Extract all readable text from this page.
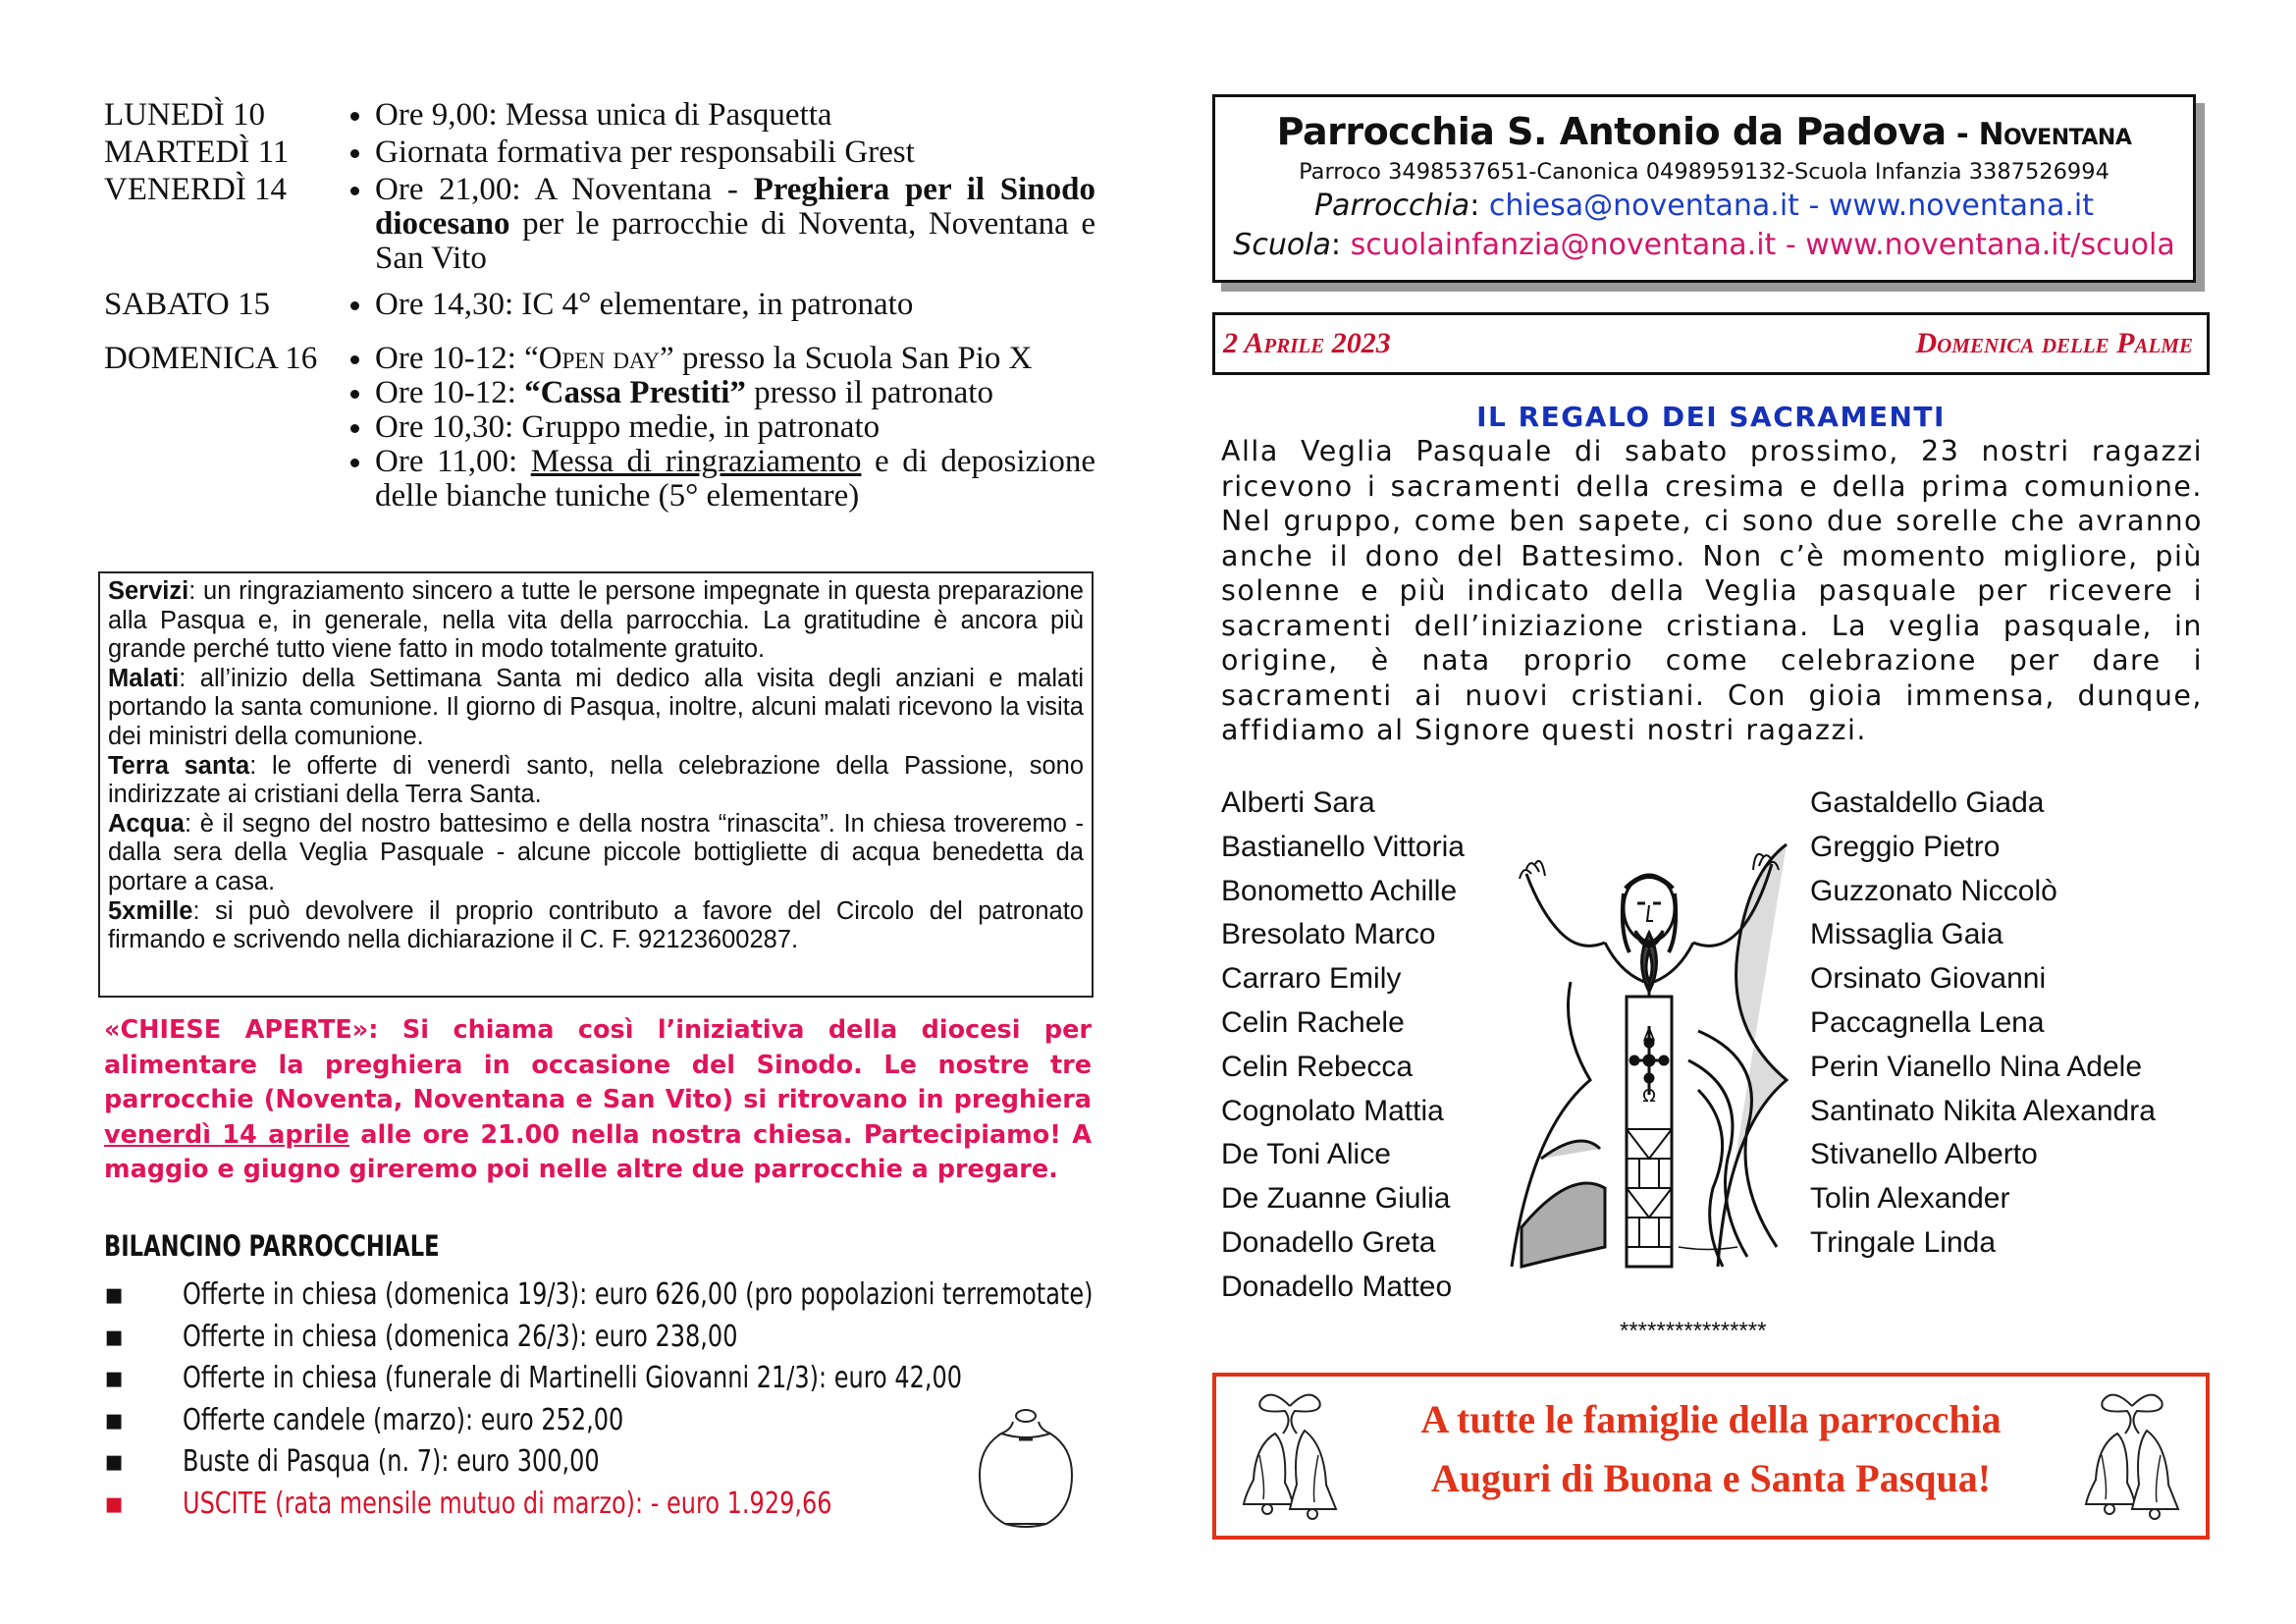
LUNEDÌ 10	• Ore 9,00: Messa unica di Pasquetta
MARTEDÌ 11	• Giornata formativa per responsabili Grest
VENERDÌ 14	• Ore 21,00: A Noventana - Preghiera per il Sinodo diocesano per le parrocchie di Noventa, Noventana e San Vito
SABATO 15	• Ore 14,30: IC 4° elementare, in patronato
DOMENICA 16	• Ore 10-12: “Open day” presso la Scuola San Pio X
• Ore 10-12: “Cassa Prestiti” presso il patronato
• Ore 10,30: Gruppo medie, in patronato
• Ore 11,00: Messa di ringraziamento e di deposizione delle bianche tuniche (5° elementare)

Servizi: un ringraziamento sincero a tutte le persone impegnate in questa preparazione alla Pasqua e, in generale, nella vita della parrocchia. La gratitudine è ancora più grande perché tutto viene fatto in modo totalmente gratuito.

Malati: all’inizio della Settimana Santa mi dedico alla visita degli anziani e malati portando la santa comunione. Il giorno di Pasqua, inoltre, alcuni malati ricevono la visita dei ministri della comunione.

Terra santa: le offerte di venerdì santo, nella celebrazione della Passione, sono indirizzate ai cristiani della Terra Santa.

Acqua: è il segno del nostro battesimo e della nostra “rinascita”. In chiesa troveremo - dalla sera della Veglia Pasquale - alcune piccole bottigliette di acqua benedetta da portare a casa.

5xmille: si può devolvere il proprio contributo a favore del Circolo del patronato firmando e scrivendo nella dichiarazione il C. F. 92123600287.

«CHIESE APERTE»: Si chiama così l’iniziativa della diocesi per alimentare la preghiera in occasione del Sinodo. Le nostre tre parrocchie (Noventa, Noventana e San Vito) si ritrovano in preghiera venerdì 14 aprile alle ore 21.00 nella nostra chiesa. Partecipiamo! A maggio e giugno gireremo poi nelle altre due parrocchie a pregare.

BILANCINO PARROCCHIALE
▪ Offerte in chiesa (domenica 19/3): euro 626,00 (pro popolazioni terremotate)
▪ Offerte in chiesa (domenica 26/3): euro 238,00
▪ Offerte in chiesa (funerale di Martinelli Giovanni 21/3): euro 42,00
▪ Offerte candele (marzo): euro 252,00
▪ Buste di Pasqua (n. 7): euro 300,00
▪ USCITE (rata mensile mutuo di marzo): - euro 1.929,66
Parrocchia S. Antonio da Padova - Noventana
Parroco 3498537651-Canonica 0498959132-Scuola Infanzia 3387526994
Parrocchia: chiesa@noventana.it - www.noventana.it
Scuola: scuolainfanzia@noventana.it - www.noventana.it/scuola
2 Aprile 2023	Domenica delle Palme
IL REGALO DEI SACRAMENTI

Alla Veglia Pasquale di sabato prossimo, 23 nostri ragazzi ricevono i sacramenti della cresima e della prima comunione. Nel gruppo, come ben sapete, ci sono due sorelle che avranno anche il dono del Battesimo. Non c’è momento migliore, più solenne e più indicato della Veglia pasquale per ricevere i sacramenti dell’iniziazione cristiana. La veglia pasquale, in origine, è nata proprio come celebrazione per dare i sacramenti ai nuovi cristiani. Con gioia immensa, dunque, affidiamo al Signore questi nostri ragazzi.

Alberti Sara
Bastianello Vittoria
Bonometto Achille
Bresolato Marco
Carraro Emily
Celin Rachele
Celin Rebecca
Cognolato Mattia
De Toni Alice
De Zuanne Giulia
Donadello Greta
Donadello Matteo
Gastaldello Giada
Greggio Pietro
Guzzonato Niccolò
Missaglia Gaia
Orsinato Giovanni
Paccagnella Lena
Perin Vianello Nina Adele
Santinato Nikita Alexandra
Stivanello Alberto
Tolin Alexander
Tringale Linda
Λ
Ω
****************
A tutte le famiglie della parrocchia
Auguri di Buona e Santa Pasqua!
